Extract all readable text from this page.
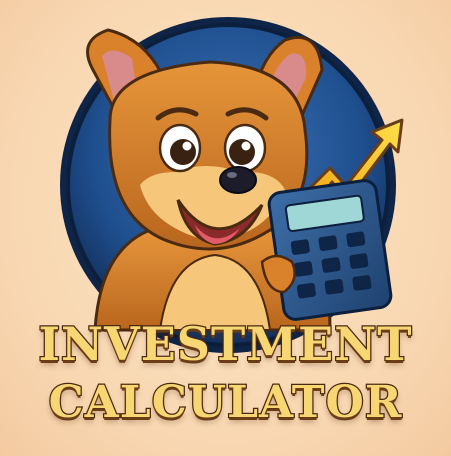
INVESTMENT
CALCULATOR
